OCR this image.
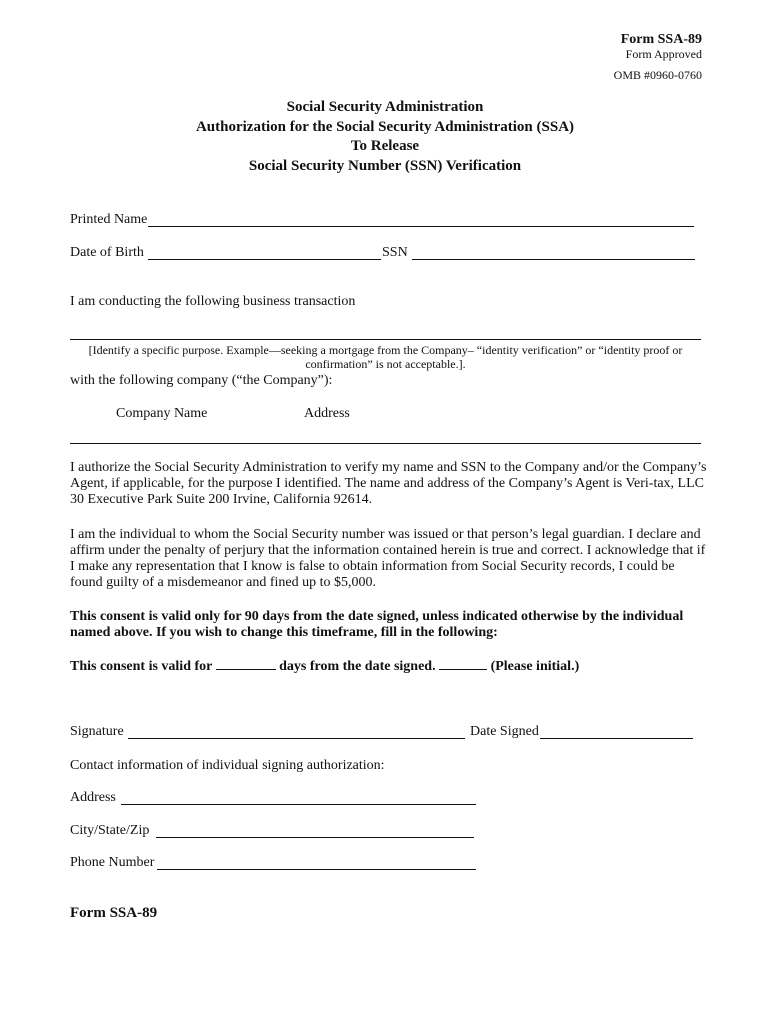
Form SSA-89
Form Approved
OMB #0960-0760
Social Security Administration
Authorization for the Social Security Administration (SSA)
To Release
Social Security Number (SSN) Verification
Printed Name
Date of Birth	SSN
I am conducting the following business transaction
[Identify a specific purpose. Example—seeking a mortgage from the Company– “identity verification” or “identity proof or
confirmation” is not acceptable.].
with the following company (“the Company”):
Company Name	Address
I authorize the Social Security Administration to verify my name and SSN to the Company and/or the Company’s Agent, if applicable, for the purpose I identified. The name and address of the Company’s Agent is Veri-tax, LLC 30 Executive Park Suite 200 Irvine, California 92614.
I am the individual to whom the Social Security number was issued or that person’s legal guardian. I declare and affirm under the penalty of perjury that the information contained herein is true and correct. I acknowledge that if I make any representation that I know is false to obtain information from Social Security records, I could be found guilty of a misdemeanor and fined up to $5,000.
This consent is valid only for 90 days from the date signed, unless indicated otherwise by the individual named above. If you wish to change this timeframe, fill in the following:
This consent is valid for	days from the date signed.	(Please initial.)
Signature	Date Signed
Contact information of individual signing authorization:
Address
City/State/Zip
Phone Number
Form SSA-89
